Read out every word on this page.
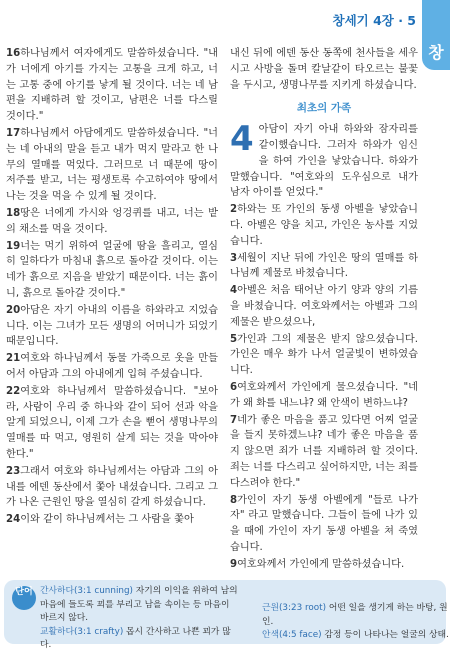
창세기 4장 · 5
창

16하나님께서 여자에게도 말씀하셨습니다. "내가 너에게 아기를 가지는 고통을 크게 하고, 너는 고통 중에 아기를 낳게 될 것이다. 너는 네 남편을 지배하려 할 것이고, 남편은 너를 다스릴 것이다."

17하나님께서 아담에게도 말씀하셨습니다. "너는 네 아내의 말을 듣고 내가 먹지 말라고 한 나무의 열매를 먹었다. 그러므로 너 때문에 땅이 저주를 받고, 너는 평생토록 수고하여야 땅에서 나는 것을 먹을 수 있게 될 것이다.

18땅은 너에게 가시와 엉겅퀴를 내고, 너는 밭의 채소를 먹을 것이다.

19너는 먹기 위하여 얼굴에 땀을 흘리고, 열심히 일하다가 마침내 흙으로 돌아갈 것이다. 이는 네가 흙으로 지음을 받았기 때문이다. 너는 흙이니, 흙으로 돌아갈 것이다."

20아담은 자기 아내의 이름을 하와라고 지었습니다. 이는 그녀가 모든 생명의 어머니가 되었기 때문입니다.

21여호와 하나님께서 동물 가죽으로 옷을 만들어서 아담과 그의 아내에게 입혀 주셨습니다.

22여호와 하나님께서 말씀하셨습니다. "보아라, 사람이 우리 중 하나와 같이 되어 선과 악을 알게 되었으니, 이제 그가 손을 뻗어 생명나무의 열매를 따 먹고, 영원히 살게 되는 것을 막아야 한다."

23그래서 여호와 하나님께서는 아담과 그의 아내를 에덴 동산에서 쫓아 내셨습니다. 그리고 그가 나온 근원인 땅을 열심히 갈게 하셨습니다.

24이와 같이 하나님께서는 그 사람을 쫓아

내신 뒤에 에덴 동산 동쪽에 천사들을 세우시고 사방을 돌며 칼날같이 타오르는 불꽃을 두시고, 생명나무를 지키게 하셨습니다.

최초의 가족

4 아담이 자기 아내 하와와 잠자리를 같이했습니다. 그러자 하와가 임신을 하여 가인을 낳았습니다. 하와가 말했습니다. "여호와의 도우심으로 내가 남자 아이를 얻었다."

2하와는 또 가인의 동생 아벨을 낳았습니다. 아벨은 양을 치고, 가인은 농사를 지었습니다.

3세월이 지난 뒤에 가인은 땅의 열매를 하나님께 제물로 바쳤습니다.

4아벨은 처음 태어난 아기 양과 양의 기름을 바쳤습니다. 여호와께서는 아벨과 그의 제물은 받으셨으나,

5가인과 그의 제물은 받지 않으셨습니다. 가인은 매우 화가 나서 얼굴빛이 변하였습니다.

6여호와께서 가인에게 물으셨습니다. "네가 왜 화를 내느냐? 왜 안색이 변하느냐?

7네가 좋은 마음을 품고 있다면 어찌 얼굴을 들지 못하겠느냐? 네가 좋은 마음을 품지 않으면 죄가 너를 지배하려 할 것이다. 죄는 너를 다스리고 싶어하지만, 너는 죄를 다스려야 한다."

8가인이 자기 동생 아벨에게 "들로 나가자" 라고 말했습니다. 그들이 들에 나가 있을 때에 가인이 자기 동생 아벨을 쳐 죽였습니다.

9여호와께서 가인에게 말씀하셨습니다.

단어 간사하다(3:1 cunning) 자기의 이익을 위하여 남의 마음에 들도록 꾀를 부리고 남을 속이는 등 마음이 바르지 않다.
교활하다(3:1 crafty) 몹시 간사하고 나쁜 꾀가 많다.
근원(3:23 root) 어떤 일을 생기게 하는 바탕, 원인.
안색(4:5 face) 감정 등이 나타나는 얼굴의 상태.
